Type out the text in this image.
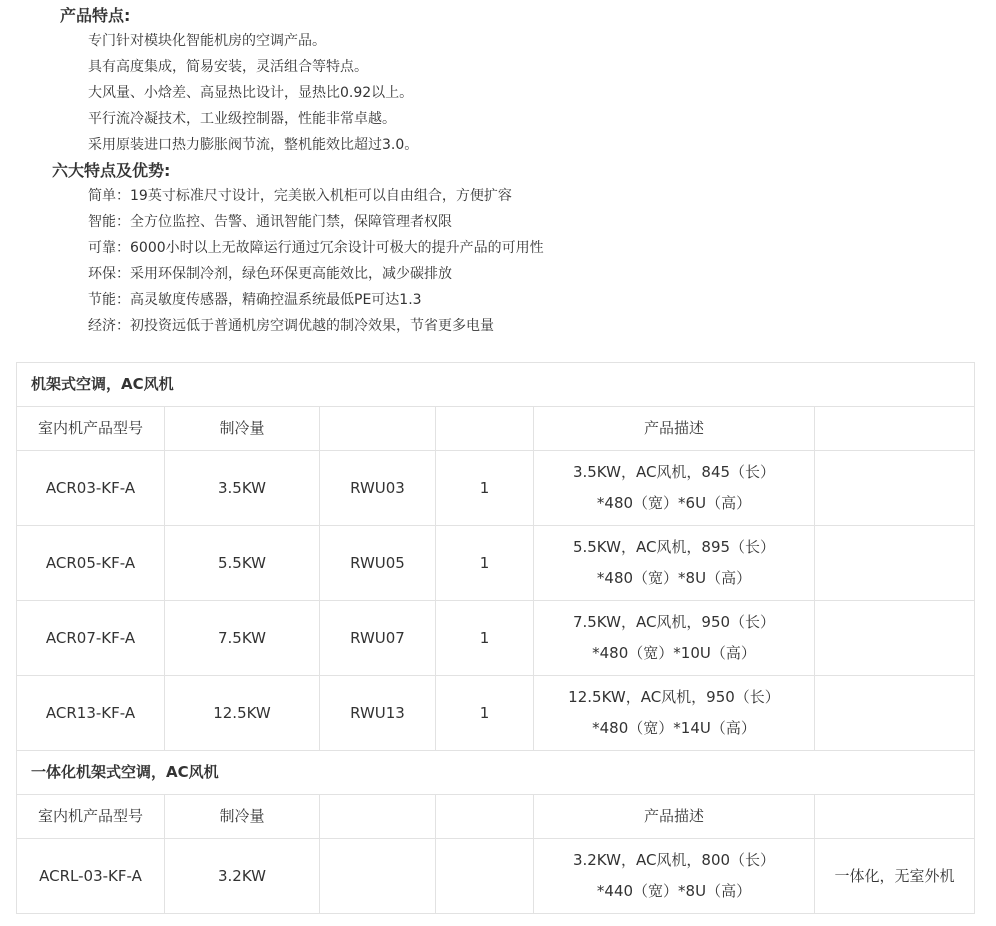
产品特点:
专门针对模块化智能机房的空调产品。
具有高度集成，简易安装，灵活组合等特点。
大风量、小焓差、高显热比设计，显热比0.92以上。
平行流冷凝技术，工业级控制器，性能非常卓越。
采用原装进口热力膨胀阀节流，整机能效比超过3.0。
六大特点及优势:
简单：19英寸标准尺寸设计，完美嵌入机柜可以自由组合，方便扩容
智能：全方位监控、告警、通讯智能门禁，保障管理者权限
可靠：6000小时以上无故障运行通过冗余设计可极大的提升产品的可用性
环保：采用环保制冷剂，绿色环保更高能效比，减少碳排放
节能：高灵敏度传感器，精确控温系统最低PE可达1.3
经济：初投资远低于普通机房空调优越的制冷效果，节省更多电量
机架式空调，AC风机					
室内机产品型号	制冷量			产品描述	
ACR03-KF-A	3.5KW	RWU03	1	3.5KW，AC风机，845（长）
*480（宽）*6U（高）	

ACR05-KF-A	5.5KW	RWU05	1	5.5KW，AC风机，895（长）
*480（宽）*8U（高）	

ACR07-KF-A	7.5KW	RWU07	1	7.5KW，AC风机，950（长）
*480（宽）*10U（高）	

ACR13-KF-A	12.5KW	RWU13	1	12.5KW，AC风机，950（长）
*480（宽）*14U（高）	

一体化机架式空调，AC风机					
室内机产品型号	制冷量			产品描述	
ACRL-03-KF-A	3.2KW			3.2KW，AC风机，800（长）
*440（宽）*8U（高）	一体化，无室外机
